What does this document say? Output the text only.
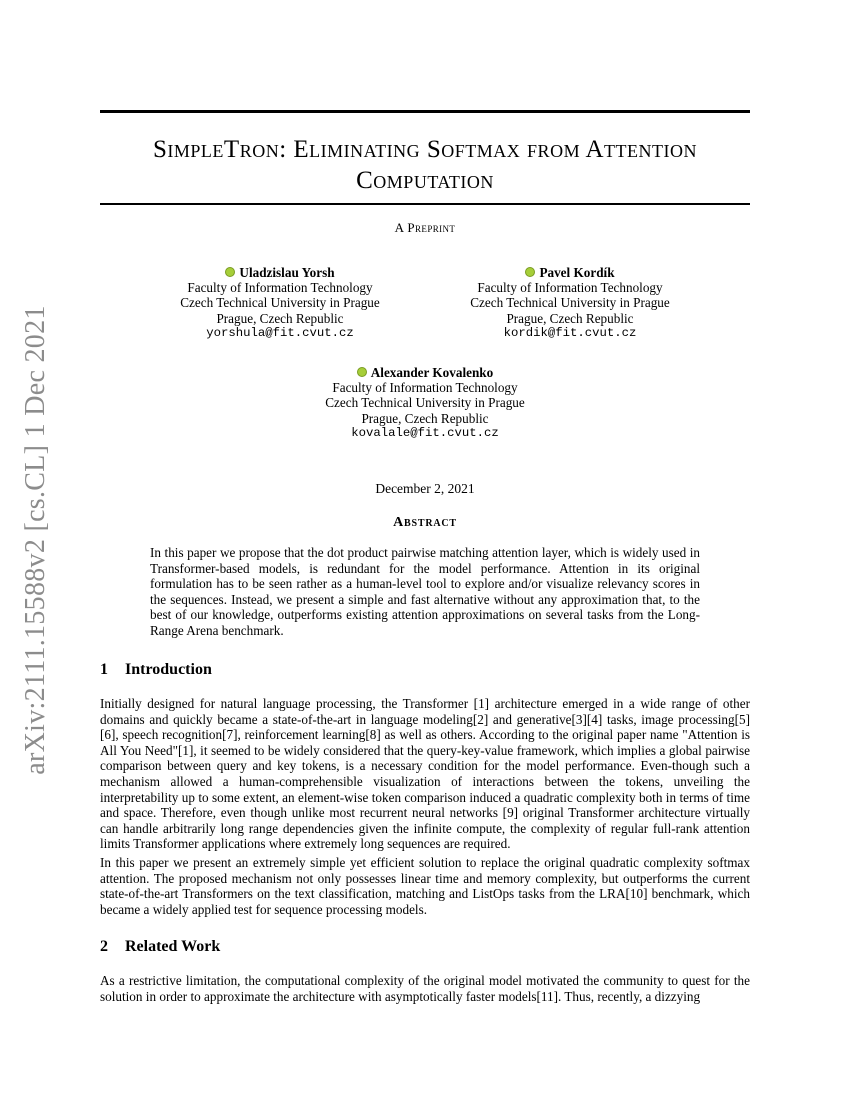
arXiv:2111.15588v2 [cs.CL] 1 Dec 2021
SimpleTron: Eliminating Softmax from Attention
Computation
A Preprint
Uladzislau Yorsh
Faculty of Information Technology
Czech Technical University in Prague
Prague, Czech Republic
yorshula@fit.cvut.cz
Pavel Kordík
Faculty of Information Technology
Czech Technical University in Prague
Prague, Czech Republic
kordik@fit.cvut.cz
Alexander Kovalenko
Faculty of Information Technology
Czech Technical University in Prague
Prague, Czech Republic
kovalale@fit.cvut.cz
December 2, 2021
Abstract
In this paper we propose that the dot product pairwise matching attention layer, which is widely used in Transformer-based models, is redundant for the model performance. Attention in its original formulation has to be seen rather as a human-level tool to explore and/or visualize relevancy scores in the sequences. Instead, we present a simple and fast alternative without any approximation that, to the best of our knowledge, outperforms existing attention approximations on several tasks from the Long-Range Arena benchmark.
1 Introduction
Initially designed for natural language processing, the Transformer [1] architecture emerged in a wide range of other domains and quickly became a state-of-the-art in language modeling[2] and generative[3][4] tasks, image processing[5][6], speech recognition[7], reinforcement learning[8] as well as others. According to the original paper name "Attention is All You Need"[1], it seemed to be widely considered that the query-key-value framework, which implies a global pairwise comparison between query and key tokens, is a necessary condition for the model performance. Even-though such a mechanism allowed a human-comprehensible visualization of interactions between the tokens, unveiling the interpretability up to some extent, an element-wise token comparison induced a quadratic complexity both in terms of time and space. Therefore, even though unlike most recurrent neural networks [9] original Transformer architecture virtually can handle arbitrarily long range dependencies given the infinite compute, the complexity of regular full-rank attention limits Transformer applications where extremely long sequences are required.
In this paper we present an extremely simple yet efficient solution to replace the original quadratic complexity softmax attention. The proposed mechanism not only possesses linear time and memory complexity, but outperforms the current state-of-the-art Transformers on the text classification, matching and ListOps tasks from the LRA[10] benchmark, which became a widely applied test for sequence processing models.
2 Related Work
As a restrictive limitation, the computational complexity of the original model motivated the community to quest for the solution in order to approximate the architecture with asymptotically faster models[11]. Thus, recently, a dizzying
